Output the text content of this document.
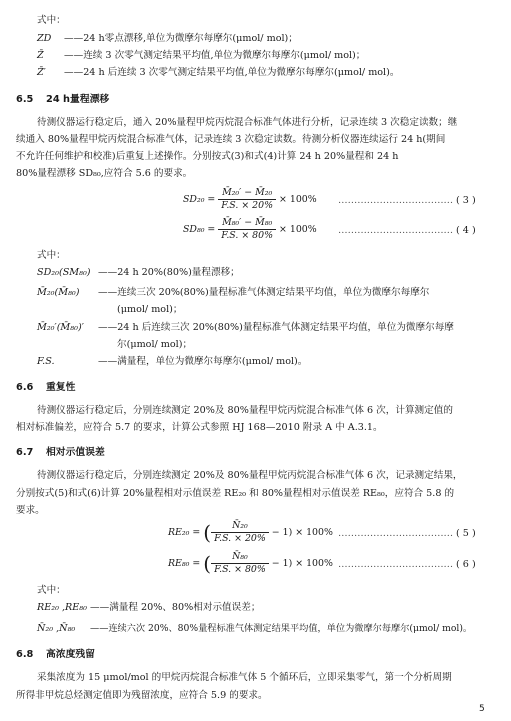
式中：
ZD ——24 h零点漂移,单位为微摩尔每摩尔(μmol/ mol)；
Z̄ ——连续 3 次零气测定结果平均值,单位为微摩尔每摩尔(μmol/ mol)；
Z̄′ ——24 h 后连续 3 次零气测定结果平均值,单位为微摩尔每摩尔(μmol/ mol)。
6.5 24 h量程漂移
待测仪器运行稳定后，通入 20%量程甲烷丙烷混合标准气体进行分析，记录连续 3 次稳定读数；继
续通入 80%量程甲烷丙烷混合标准气体，记录连续 3 次稳定读数。待测分析仪器连续运行 24 h(期间
不允许任何维护和校准)后重复上述操作。分别按式(3)和式(4)计算 24 h 20%量程和 24 h
80%量程漂移 SD₈₀,应符合 5.6 的要求。
$SD_{20} = \frac{\text{M̄₂₀′ − M̄₂₀}}{F.S. \times 20\%} \times 100\%$ ……………………………… ( 3 )
$SD_{80} = \frac{\text{M̄₈₀′ − M̄₈₀}}{F.S. \times 80\%} \times 100\%$ ……………………………… ( 4 )
式中：
SD₂₀(SM₈₀) ——24 h 20%(80%)量程漂移；
M̄₂₀(M̄₈₀) ——连续三次 20%(80%)量程标准气体测定结果平均值，单位为微摩尔每摩尔
(μmol/ mol)；
M̄₂₀′(M̄₈₀)′ ——24 h 后连续三次 20%(80%)量程标准气体测定结果平均值，单位为微摩尔每摩
尔(μmol/ mol)；
F.S.	——满量程，单位为微摩尔每摩尔(μmol/ mol)。
6.6 重复性
待测仪器运行稳定后，分别连续测定 20%及 80%量程甲烷丙烷混合标准气体 6 次，计算测定值的
相对标准偏差，应符合 5.7 的要求，计算公式参照 HJ 168—2010 附录 A 中 A.3.1。
6.7 相对示值误差
待测仪器运行稳定后，分别连续测定 20%及 80%量程甲烷丙烷混合标准气体 6 次，记录测定结果，
分别按式(5)和式(6)计算 20%量程相对示值误差 RE₂₀ 和 80%量程相对示值误差 RE₈₀，应符合 5.8 的
要求。
RE₂₀ = ( $\frac{\text{N̄₂₀}}{F.S. \times 20\%} - 1) \times 100\%$ ……………………………… ( 5 )
RE₈₀ = ( $\frac{\text{N̄₈₀}}{F.S. \times 80\%} - 1) \times 100\%$ ……………………………… ( 6 )
式中：
RE₂₀ ,RE₈₀ ——满量程 20%、80%相对示值误差；
N̄₂₀ ,N̄₈₀ ——连续六次 20%、80%量程标准气体测定结果平均值，单位为微摩尔每摩尔(μmol/ mol)。
6.8 高浓度残留
采集浓度为 15 μmol/mol 的甲烷丙烷混合标准气体 5 个循环后，立即采集零气，第一个分析周期
所得非甲烷总烃测定值即为残留浓度，应符合 5.9 的要求。
5
